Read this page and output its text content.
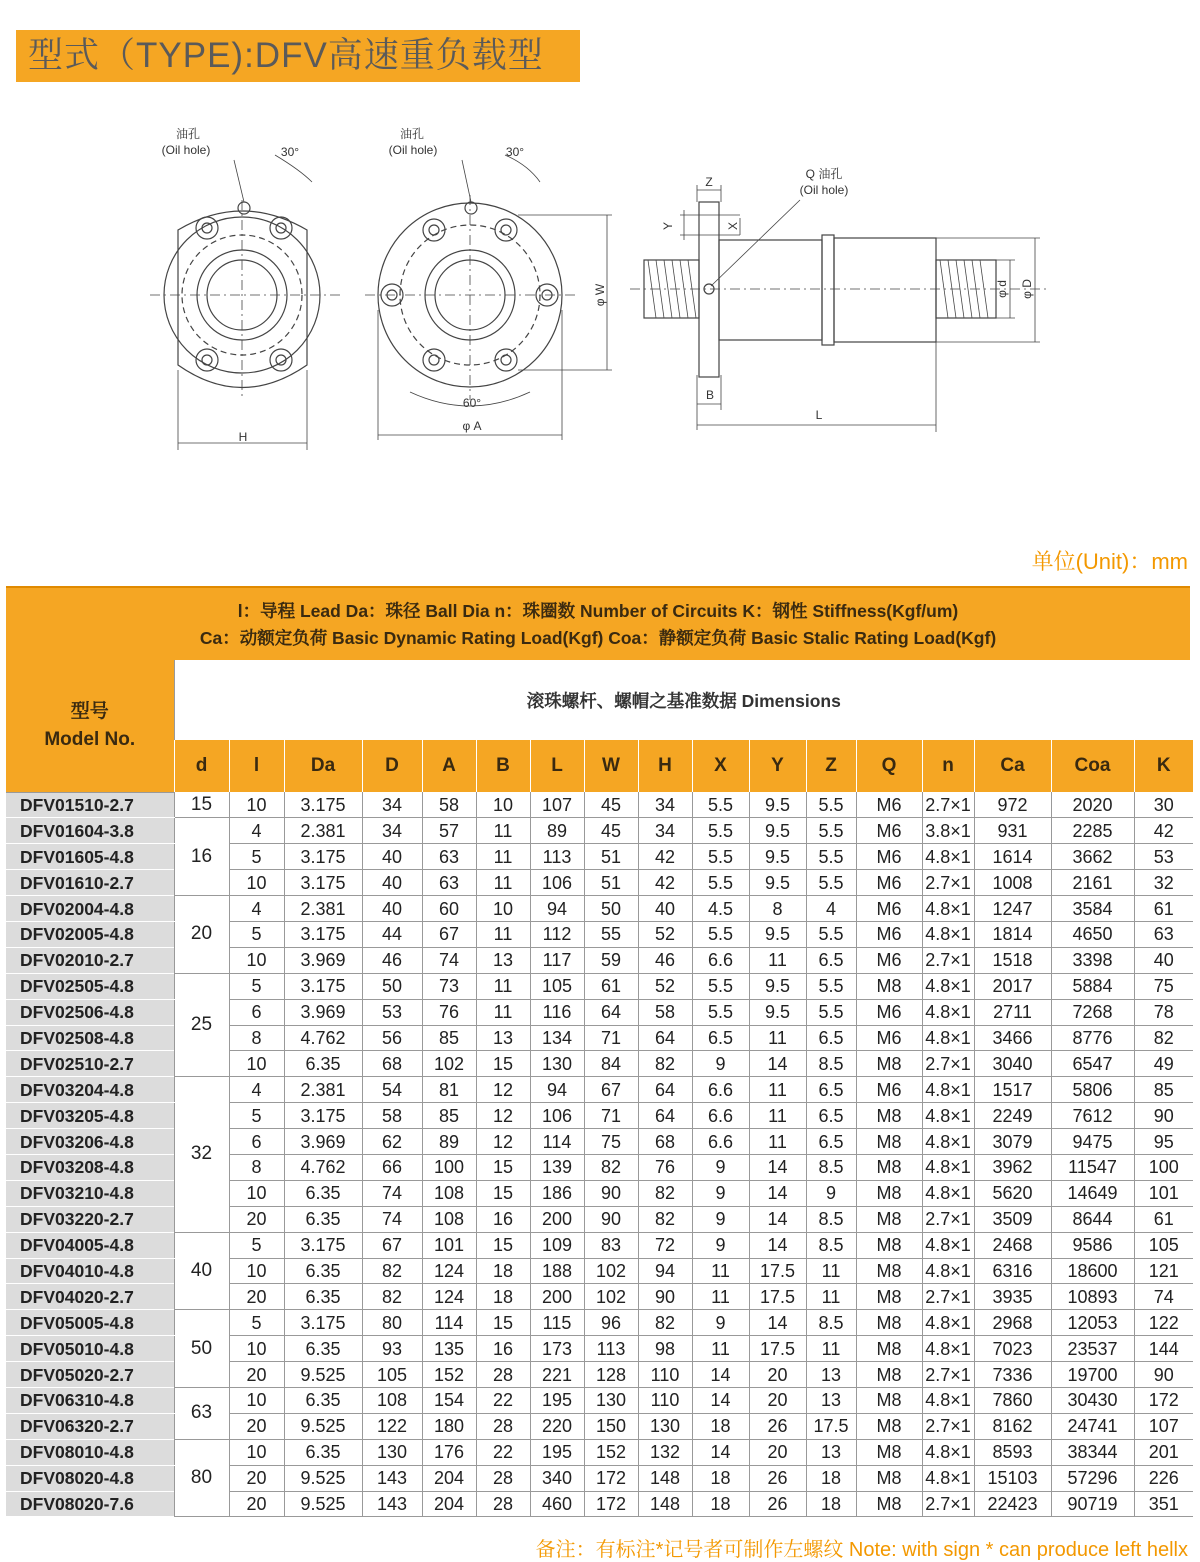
型式（TYPE):DFV高速重负载型
油孔
(Oil hole)	30°
H
油孔
(Oil hole)	30°
60°
φ A
Q 油孔
(Oil hole)
Z
B
L
φ W
Y	X
φ d φ D
单位(Unit)：mm
l：导程 Lead Da：珠径 Ball Dia n：珠圈数 Number of Circuits K：钢性 Stiffness(Kgf/um)
Ca：动额定负荷 Basic Dynamic Rating Load(Kgf) Coa：静额定负荷 Basic Stalic Rating Load(Kgf)
型号
Model No.	滚珠螺杆、螺帽之基准数据 Dimensions																
	d	l	Da	D	A	B	L	W	H	X	Y	Z	Q	n	Ca	Coa	K
DFV01510-2.7	15	10	3.175	34	58	10	107	45	34	5.5	9.5	5.5	M6	2.7×1	972	2020	30
DFV01604-3.8	16	4	2.381	34	57	11	89	45	34	5.5	9.5	5.5	M6	3.8×1	931	2285	42
DFV01605-4.8		5	3.175	40	63	11	113	51	42	5.5	9.5	5.5	M6	4.8×1	1614	3662	53
DFV01610-2.7		10	3.175	40	63	11	106	51	42	5.5	9.5	5.5	M6	2.7×1	1008	2161	32
DFV02004-4.8	20	4	2.381	40	60	10	94	50	40	4.5	8	4	M6	4.8×1	1247	3584	61
DFV02005-4.8		5	3.175	44	67	11	112	55	52	5.5	9.5	5.5	M6	4.8×1	1814	4650	63
DFV02010-2.7		10	3.969	46	74	13	117	59	46	6.6	11	6.5	M6	2.7×1	1518	3398	40
DFV02505-4.8	25	5	3.175	50	73	11	105	61	52	5.5	9.5	5.5	M8	4.8×1	2017	5884	75
DFV02506-4.8		6	3.969	53	76	11	116	64	58	5.5	9.5	5.5	M6	4.8×1	2711	7268	78
DFV02508-4.8		8	4.762	56	85	13	134	71	64	6.5	11	6.5	M6	4.8×1	3466	8776	82
DFV02510-2.7		10	6.35	68	102	15	130	84	82	9	14	8.5	M8	2.7×1	3040	6547	49
DFV03204-4.8	32	4	2.381	54	81	12	94	67	64	6.6	11	6.5	M6	4.8×1	1517	5806	85
DFV03205-4.8		5	3.175	58	85	12	106	71	64	6.6	11	6.5	M8	4.8×1	2249	7612	90
DFV03206-4.8		6	3.969	62	89	12	114	75	68	6.6	11	6.5	M8	4.8×1	3079	9475	95
DFV03208-4.8		8	4.762	66	100	15	139	82	76	9	14	8.5	M8	4.8×1	3962	11547	100
DFV03210-4.8		10	6.35	74	108	15	186	90	82	9	14	9	M8	4.8×1	5620	14649	101
DFV03220-2.7		20	6.35	74	108	16	200	90	82	9	14	8.5	M8	2.7×1	3509	8644	61
DFV04005-4.8	40	5	3.175	67	101	15	109	83	72	9	14	8.5	M8	4.8×1	2468	9586	105
DFV04010-4.8		10	6.35	82	124	18	188	102	94	11	17.5	11	M8	4.8×1	6316	18600	121
DFV04020-2.7		20	6.35	82	124	18	200	102	90	11	17.5	11	M8	2.7×1	3935	10893	74
DFV05005-4.8	50	5	3.175	80	114	15	115	96	82	9	14	8.5	M8	4.8×1	2968	12053	122
DFV05010-4.8		10	6.35	93	135	16	173	113	98	11	17.5	11	M8	4.8×1	7023	23537	144
DFV05020-2.7		20	9.525	105	152	28	221	128	110	14	20	13	M8	2.7×1	7336	19700	90
DFV06310-4.8	63	10	6.35	108	154	22	195	130	110	14	20	13	M8	4.8×1	7860	30430	172
DFV06320-2.7		20	9.525	122	180	28	220	150	130	18	26	17.5	M8	2.7×1	8162	24741	107
DFV08010-4.8	80	10	6.35	130	176	22	195	152	132	14	20	13	M8	4.8×1	8593	38344	201
DFV08020-4.8		20	9.525	143	204	28	340	172	148	18	26	18	M8	4.8×1	15103	57296	226
DFV08020-7.6		20	9.525	143	204	28	460	172	148	18	26	18	M8	2.7×1	22423	90719	351
备注：有标注*记号者可制作左螺纹 Note: with sign * can produce left hellx
